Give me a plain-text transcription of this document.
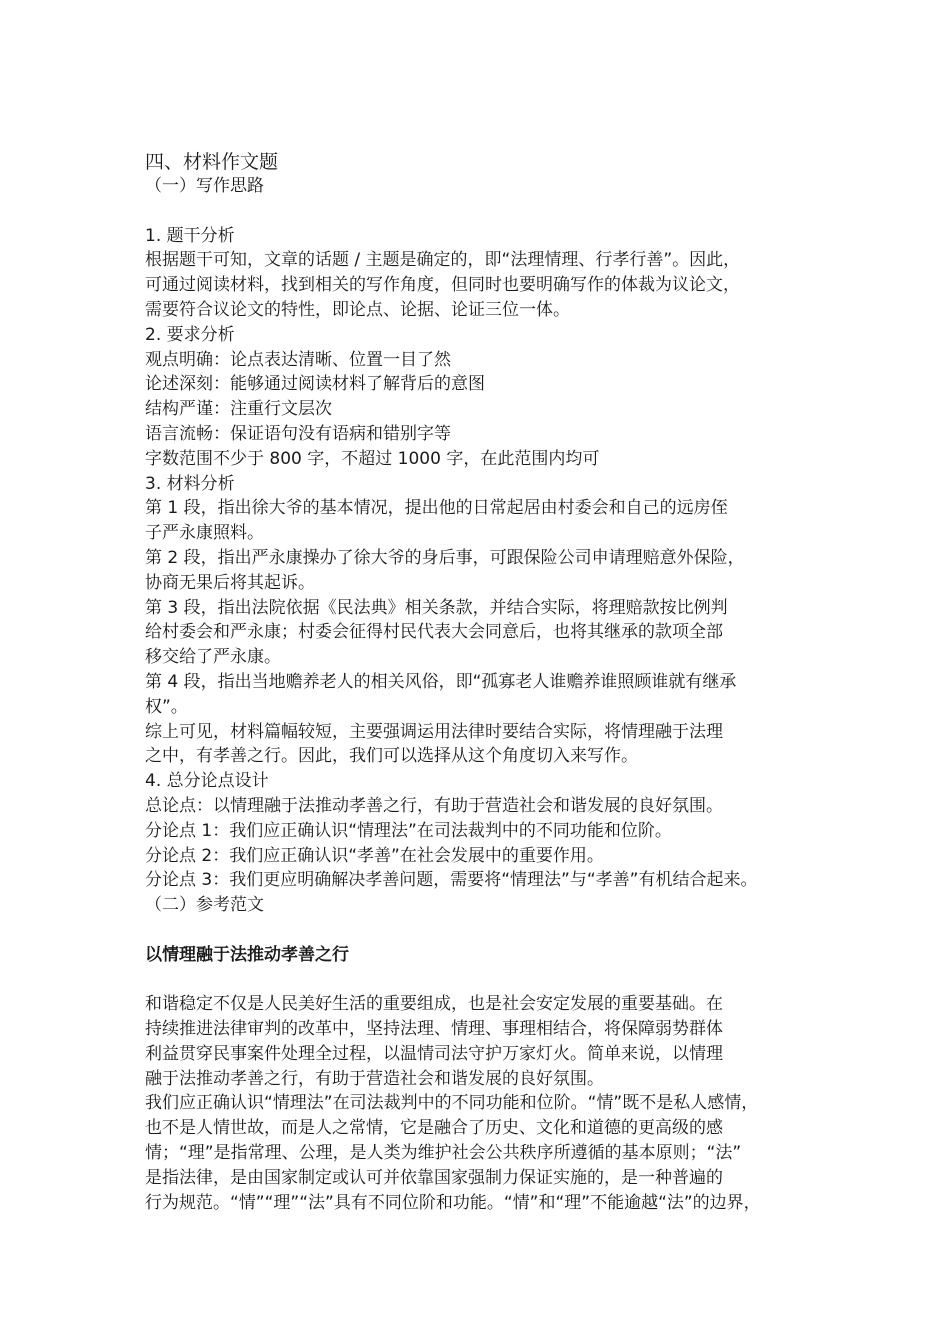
四、材料作文题

（一）写作思路

1. 题干分析

根据题干可知，文章的话题 / 主题是确定的，即“法理情理、行孝行善”。因此，
可通过阅读材料，找到相关的写作角度，但同时也要明确写作的体裁为议论文，
需要符合议论文的特性，即论点、论据、论证三位一体。

2. 要求分析

观点明确：论点表达清晰、位置一目了然

论述深刻：能够通过阅读材料了解背后的意图

结构严谨：注重行文层次

语言流畅：保证语句没有语病和错别字等

字数范围不少于 800 字，不超过 1000 字，在此范围内均可

3. 材料分析

第 1 段，指出徐大爷的基本情况，提出他的日常起居由村委会和自己的远房侄
子严永康照料。

第 2 段，指出严永康操办了徐大爷的身后事，可跟保险公司申请理赔意外保险，
协商无果后将其起诉。

第 3 段，指出法院依据《民法典》相关条款，并结合实际，将理赔款按比例判
给村委会和严永康；村委会征得村民代表大会同意后，也将其继承的款项全部
移交给了严永康。

第 4 段，指出当地赡养老人的相关风俗，即“孤寡老人谁赡养谁照顾谁就有继承
权”。

综上可见，材料篇幅较短，主要强调运用法律时要结合实际，将情理融于法理
之中，有孝善之行。因此，我们可以选择从这个角度切入来写作。

4. 总分论点设计

总论点：以情理融于法推动孝善之行，有助于营造社会和谐发展的良好氛围。

分论点 1：我们应正确认识“情理法”在司法裁判中的不同功能和位阶。

分论点 2：我们应正确认识“孝善”在社会发展中的重要作用。

分论点 3：我们更应明确解决孝善问题，需要将“情理法”与“孝善”有机结合起来。

（二）参考范文

以情理融于法推动孝善之行

和谐稳定不仅是人民美好生活的重要组成，也是社会安定发展的重要基础。在
持续推进法律审判的改革中，坚持法理、情理、事理相结合，将保障弱势群体
利益贯穿民事案件处理全过程，以温情司法守护万家灯火。简单来说，以情理
融于法推动孝善之行，有助于营造社会和谐发展的良好氛围。

我们应正确认识“情理法”在司法裁判中的不同功能和位阶。“情”既不是私人感情，
也不是人情世故，而是人之常情，它是融合了历史、文化和道德的更高级的感
情；“理”是指常理、公理，是人类为维护社会公共秩序所遵循的基本原则；“法”
是指法律，是由国家制定或认可并依靠国家强制力保证实施的，是一种普遍的
行为规范。“情”“理”“法”具有不同位阶和功能。“情”和“理”不能逾越“法”的边界，
